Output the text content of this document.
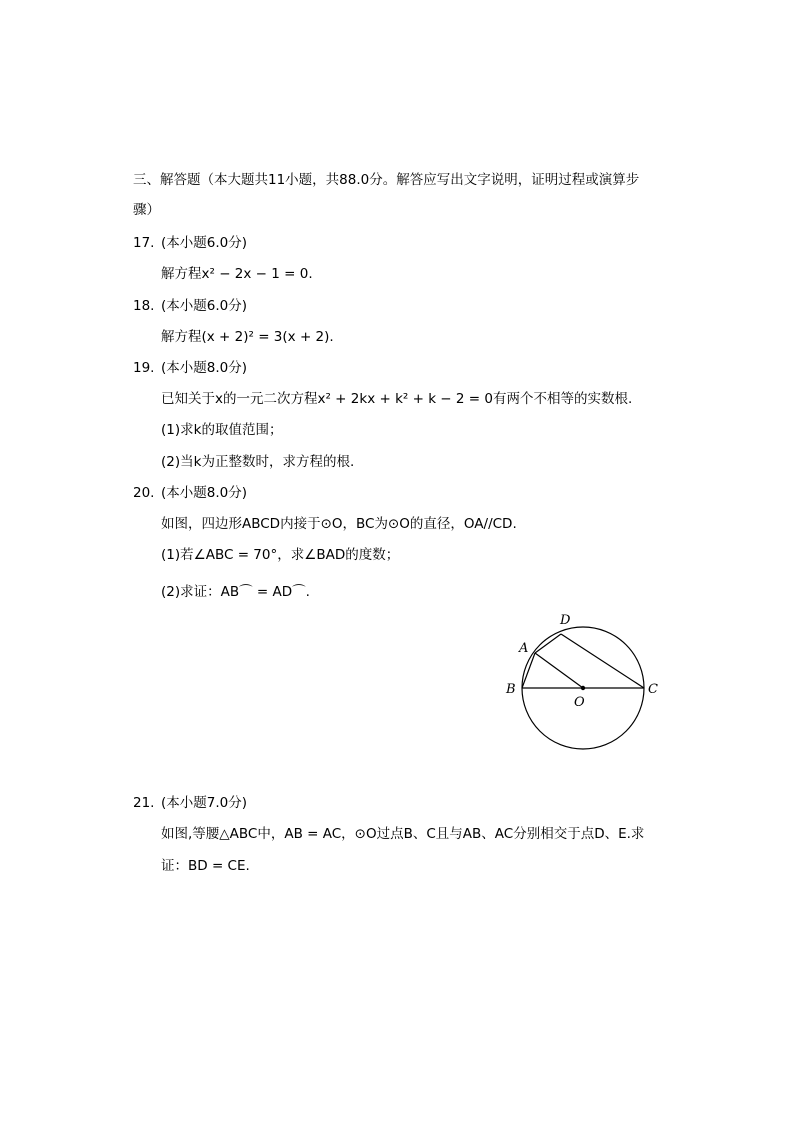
三、解答题（本大题共11小题，共88.0分。解答应写出文字说明，证明过程或演算步
骤）
17. (本小题6.0分)
解方程x² − 2x − 1 = 0.
18. (本小题6.0分)
解方程(x + 2)² = 3(x + 2).
19. (本小题8.0分)
已知关于x的一元二次方程x² + 2kx + k² + k − 2 = 0有两个不相等的实数根.
(1)求k的取值范围；
(2)当k为正整数时，求方程的根.
20. (本小题8.0分)
如图，四边形ABCD内接于⊙O，BC为⊙O的直径，OA//CD.
(1)若∠ABC = 70°，求∠BAD的度数；
(2)求证：AB⌒ = AD⌒.
D
A
B	C
O
21. (本小题7.0分)
如图,等腰△ABC中，AB = AC，⊙O过点B、C且与AB、AC分别相交于点D、E.求
证：BD = CE.
